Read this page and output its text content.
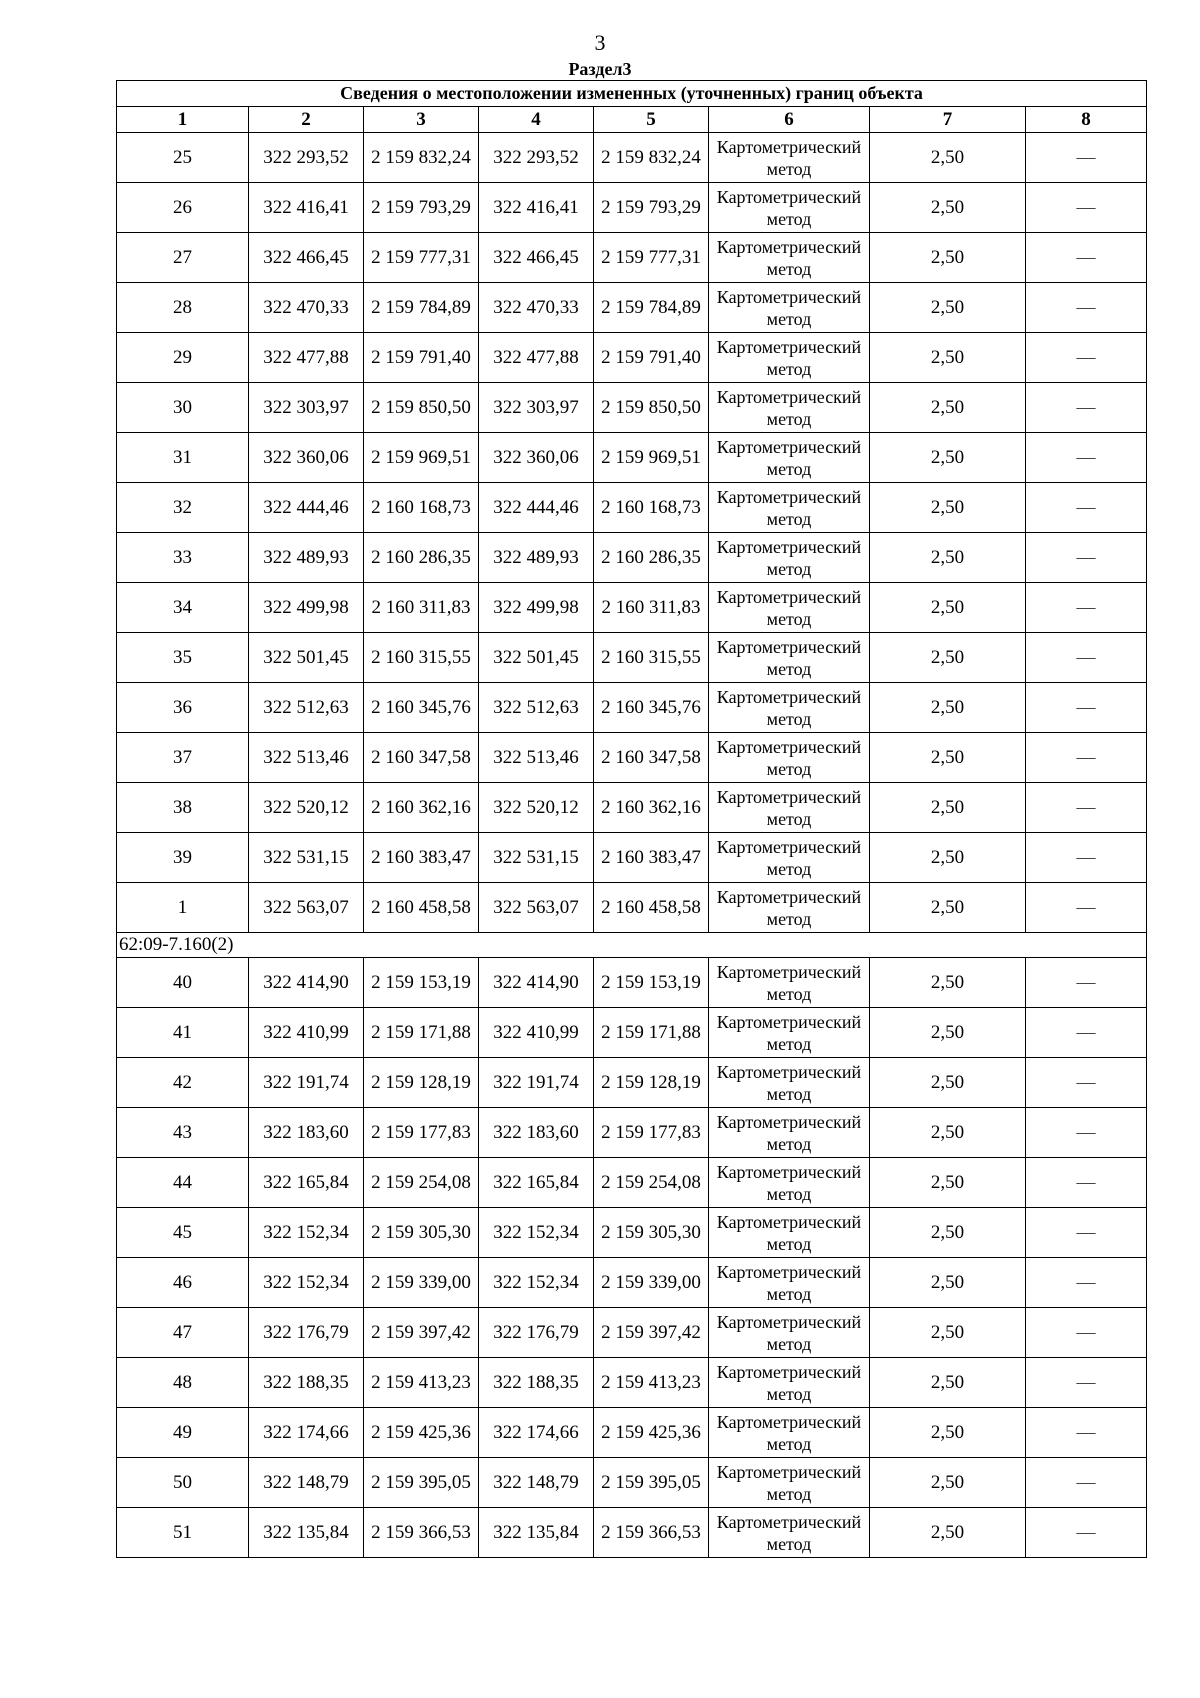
3
Раздел3
Сведения о местоположении измененных (уточненных) границ объекта							
1	2	3	4	5	6	7	8
25	322 293,52	2 159 832,24	322 293,52	2 159 832,24	Картометрический метод	2,50	—
26	322 416,41	2 159 793,29	322 416,41	2 159 793,29	Картометрический метод	2,50	—
27	322 466,45	2 159 777,31	322 466,45	2 159 777,31	Картометрический метод	2,50	—
28	322 470,33	2 159 784,89	322 470,33	2 159 784,89	Картометрический метод	2,50	—
29	322 477,88	2 159 791,40	322 477,88	2 159 791,40	Картометрический метод	2,50	—
30	322 303,97	2 159 850,50	322 303,97	2 159 850,50	Картометрический метод	2,50	—
31	322 360,06	2 159 969,51	322 360,06	2 159 969,51	Картометрический метод	2,50	—
32	322 444,46	2 160 168,73	322 444,46	2 160 168,73	Картометрический метод	2,50	—
33	322 489,93	2 160 286,35	322 489,93	2 160 286,35	Картометрический метод	2,50	—
34	322 499,98	2 160 311,83	322 499,98	2 160 311,83	Картометрический метод	2,50	—
35	322 501,45	2 160 315,55	322 501,45	2 160 315,55	Картометрический метод	2,50	—
36	322 512,63	2 160 345,76	322 512,63	2 160 345,76	Картометрический метод	2,50	—
37	322 513,46	2 160 347,58	322 513,46	2 160 347,58	Картометрический метод	2,50	—
38	322 520,12	2 160 362,16	322 520,12	2 160 362,16	Картометрический метод	2,50	—
39	322 531,15	2 160 383,47	322 531,15	2 160 383,47	Картометрический метод	2,50	—
1	322 563,07	2 160 458,58	322 563,07	2 160 458,58	Картометрический метод	2,50	—
62:09-7.160(2)							
40	322 414,90	2 159 153,19	322 414,90	2 159 153,19	Картометрический метод	2,50	—
41	322 410,99	2 159 171,88	322 410,99	2 159 171,88	Картометрический метод	2,50	—
42	322 191,74	2 159 128,19	322 191,74	2 159 128,19	Картометрический метод	2,50	—
43	322 183,60	2 159 177,83	322 183,60	2 159 177,83	Картометрический метод	2,50	—
44	322 165,84	2 159 254,08	322 165,84	2 159 254,08	Картометрический метод	2,50	—
45	322 152,34	2 159 305,30	322 152,34	2 159 305,30	Картометрический метод	2,50	—
46	322 152,34	2 159 339,00	322 152,34	2 159 339,00	Картометрический метод	2,50	—
47	322 176,79	2 159 397,42	322 176,79	2 159 397,42	Картометрический метод	2,50	—
48	322 188,35	2 159 413,23	322 188,35	2 159 413,23	Картометрический метод	2,50	—
49	322 174,66	2 159 425,36	322 174,66	2 159 425,36	Картометрический метод	2,50	—
50	322 148,79	2 159 395,05	322 148,79	2 159 395,05	Картометрический метод	2,50	—
51	322 135,84	2 159 366,53	322 135,84	2 159 366,53	Картометрический метод	2,50	—
